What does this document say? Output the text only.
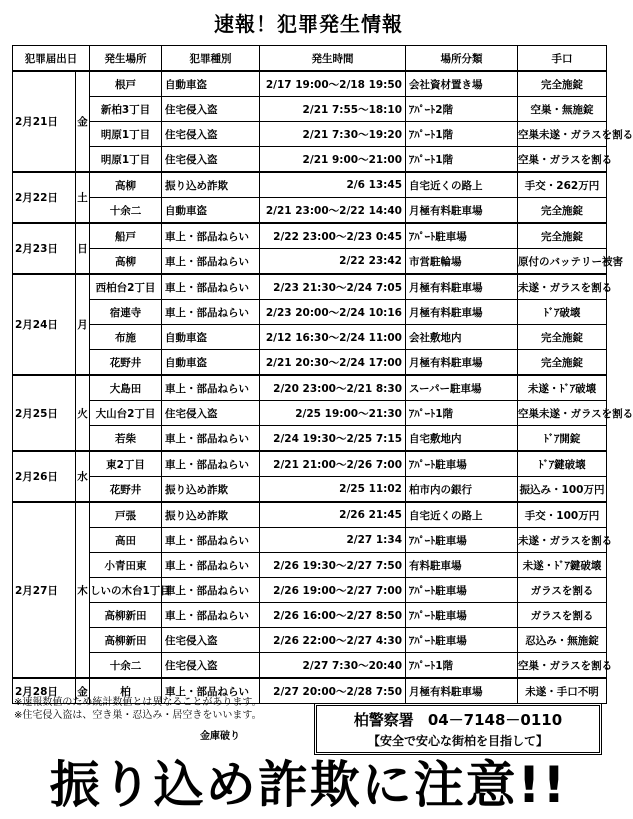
速報！犯罪発生情報
犯罪届出日		発生場所	犯罪種別	発生時間	場所分類	手口
2月21日	金	根戸	自動車盗	2/17 19:00～2/18 19:50	会社資材置き場	完全施錠
		新柏3丁目	住宅侵入盗	2/21 7:55～18:10	ｱﾊﾟｰﾄ2階	空巣・無施錠
		明原1丁目	住宅侵入盗	2/21 7:30～19:20	ｱﾊﾟｰﾄ1階	空巣未遂・ガラスを割る
		明原1丁目	住宅侵入盗	2/21 9:00～21:00	ｱﾊﾟｰﾄ1階	空巣・ガラスを割る
2月22日	土	高柳	振り込め詐欺	2/6 13:45	自宅近くの路上	手交・262万円
		十余二	自動車盗	2/21 23:00～2/22 14:40	月極有料駐車場	完全施錠
2月23日	日	船戸	車上・部品ねらい	2/22 23:00～2/23 0:45	ｱﾊﾟｰﾄ駐車場	完全施錠
		高柳	車上・部品ねらい	2/22 23:42	市営駐輪場	原付のバッテリー被害
2月24日	月	西柏台2丁目	車上・部品ねらい	2/23 21:30～2/24 7:05	月極有料駐車場	未遂・ガラスを割る
		宿連寺	車上・部品ねらい	2/23 20:00～2/24 10:16	月極有料駐車場	ﾄﾞｱ破壊
		布施	自動車盗	2/12 16:30～2/24 11:00	会社敷地内	完全施錠
		花野井	自動車盗	2/21 20:30～2/24 17:00	月極有料駐車場	完全施錠
2月25日	火	大島田	車上・部品ねらい	2/20 23:00～2/21 8:30	スーパー駐車場	未遂・ﾄﾞｱ破壊
		大山台2丁目	住宅侵入盗	2/25 19:00～21:30	ｱﾊﾟｰﾄ1階	空巣未遂・ガラスを割る
		若柴	車上・部品ねらい	2/24 19:30～2/25 7:15	自宅敷地内	ﾄﾞｱ開錠
2月26日	水	東2丁目	車上・部品ねらい	2/21 21:00～2/26 7:00	ｱﾊﾟｰﾄ駐車場	ﾄﾞｱ鍵破壊
		花野井	振り込め詐欺	2/25 11:02	柏市内の銀行	振込み・100万円
2月27日	木	戸張	振り込め詐欺	2/26 21:45	自宅近くの路上	手交・100万円
		高田	車上・部品ねらい	2/27 1:34	ｱﾊﾟｰﾄ駐車場	未遂・ガラスを割る
		小青田東	車上・部品ねらい	2/26 19:30～2/27 7:50	有料駐車場	未遂・ﾄﾞｱ鍵破壊
		しいの木台1丁目	車上・部品ねらい	2/26 19:00～2/27 7:00	ｱﾊﾟｰﾄ駐車場	ガラスを割る
		高柳新田	車上・部品ねらい	2/26 16:00～2/27 8:50	ｱﾊﾟｰﾄ駐車場	ガラスを割る
		高柳新田	住宅侵入盗	2/26 22:00～2/27 4:30	ｱﾊﾟｰﾄ駐車場	忍込み・無施錠
		十余二	住宅侵入盗	2/27 7:30～20:40	ｱﾊﾟｰﾄ1階	空巣・ガラスを割る
2月28日	金	柏	車上・部品ねらい	2/27 20:00～2/28 7:50	月極有料駐車場	未遂・手口不明
※速報数値のため統計数値とは異なることがあります。
※住宅侵入盗は、空き巣・忍込み・居空きをいいます。
金庫破り
柏警察署 04－7148－0110
【安全で安心な街柏を目指して】
振り込め詐欺に注意!!
